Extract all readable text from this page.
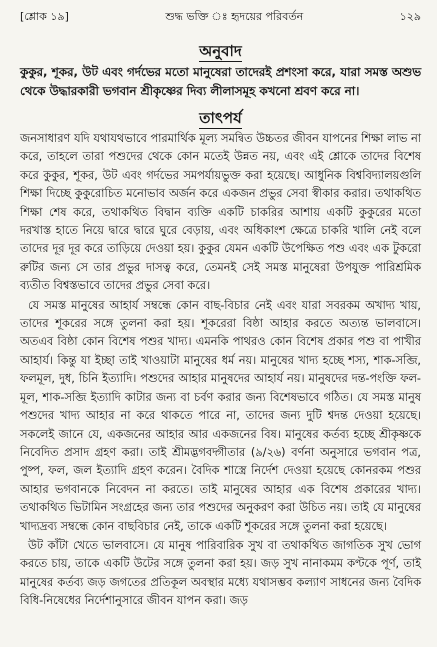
[শ্লোক ১৯]	শুদ্ধ ভক্তি ঃ হৃদয়ের পরিবর্তন	১২৯
অনুবাদ
কুকুর, শূকর, উট এবং গর্দভের মতো মানুষেরা তাদেরই প্রশংসা করে, যারা সমস্ত অশুভ থেকে উদ্ধারকারী ভগবান শ্রীকৃষ্ণের দিব্য লীলাসমূহ কখনো শ্রবণ করে না।
তাৎপর্য
জনসাধারণ যদি যথাযথভাবে পারমার্থিক মূল্য সমন্বিত উচ্চতর জীবন যাপনের শিক্ষা লাভ না করে, তাহলে তারা পশুদের থেকে কোন মতেই উন্নত নয়, এবং এই শ্লোকে তাদের বিশেষ করে কুকুর, শূকর, উট এবং গর্দভের সমপর্যায়ভুক্ত করা হয়েছে। আধুনিক বিশ্ববিদ্যালয়গুলি শিক্ষা দিচ্ছে কুকুরোচিত মনোভাব অর্জন করে একজন প্রভুর সেবা স্বীকার করার। তথাকথিত শিক্ষা শেষ করে, তথাকথিত বিদ্বান ব্যক্তি একটি চাকরির আশায় একটি কুকুরের মতো দরখাস্ত হাতে নিয়ে দ্বারে দ্বারে ঘুরে বেড়ায়, এবং অধিকাংশ ক্ষেত্রে চাকরি খালি নেই বলে তাদের দূর দূর করে তাড়িয়ে দেওয়া হয়। কুকুর যেমন একটি উপেক্ষিত পশু এবং এক টুকরো রুটির জন্য সে তার প্রভুর দাসত্ব করে, তেমনই সেই সমস্ত মানুষেরা উপযুক্ত পারিশ্রমিক ব্যতীত বিশ্বস্তভাবে তাদের প্রভুর সেবা করে।
যে সমস্ত মানুষের আহার্য সম্বন্ধে কোন বাছ-বিচার নেই এবং যারা সবরকম অখাদ্য খায়, তাদের শূকরের সঙ্গে তুলনা করা হয়। শূকরেরা বিষ্ঠা আহার করতে অত্যন্ত ভালবাসে। অতএব বিষ্ঠা কোন বিশেষ পশুর খাদ্য। এমনকি পাথরও কোন বিশেষ প্রকার পশু বা পাখীর আহার্য। কিন্তু যা ইচ্ছা তাই খাওয়াটা মানুষের ধর্ম নয়। মানুষের খাদ্য হচ্ছে শস্য, শাক-সব্জি, ফলমূল, দুধ, চিনি ইত্যাদি। পশুদের আহার মানুষদের আহার্য নয়। মানুষদের দন্ত-পংক্তি ফল-মূল, শাক-সব্জি ইত্যাদি কাটার জন্য বা চর্বণ করার জন্য বিশেষভাবে গঠিত। যে সমস্ত মানুষ পশুদের খাদ্য আহার না করে থাকতে পারে না, তাদের জন্য দুটি শ্বদন্ত দেওয়া হয়েছে। সকলেই জানে যে, একজনের আহার আর একজনের বিষ। মানুষের কর্তব্য হচ্ছে শ্রীকৃষ্ণকে নিবেদিত প্রসাদ গ্রহণ করা। তাই শ্রীমদ্ভগবদ্গীতার (৯/২৬) বর্ণনা অনুসারে ভগবান পত্র, পুষ্প, ফল, জল ইত্যাদি গ্রহণ করেন। বৈদিক শাস্ত্রে নির্দেশ দেওয়া হয়েছে কোনরকম পশুর আহার ভগবানকে নিবেদন না করতে। তাই মানুষের আহার এক বিশেষ প্রকারের খাদ্য। তথাকথিত ভিটামিন সংগ্রহের জন্য তার পশুদের অনুকরণ করা উচিত নয়। তাই যে মানুষের খাদ্যদ্রব্য সম্বন্ধে কোন বাছবিচার নেই, তাকে একটি শূকরের সঙ্গে তুলনা করা হয়েছে।
উট কাঁটা খেতে ভালবাসে। যে মানুষ পারিবারিক সুখ বা তথাকথিত জাগতিক সুখ ভোগ করতে চায়, তাকে একটি উটের সঙ্গে তুলনা করা হয়। জড় সুখ নানাকমম কণ্টকে পূর্ণ, তাই মানুষের কর্তব্য জড় জগতের প্রতিকূল অবস্থার মধ্যে যথাসম্ভব কল্যাণ সাধনের জন্য বৈদিক বিধি-নিষেধের নির্দেশানুসারে জীবন যাপন করা। জড়
